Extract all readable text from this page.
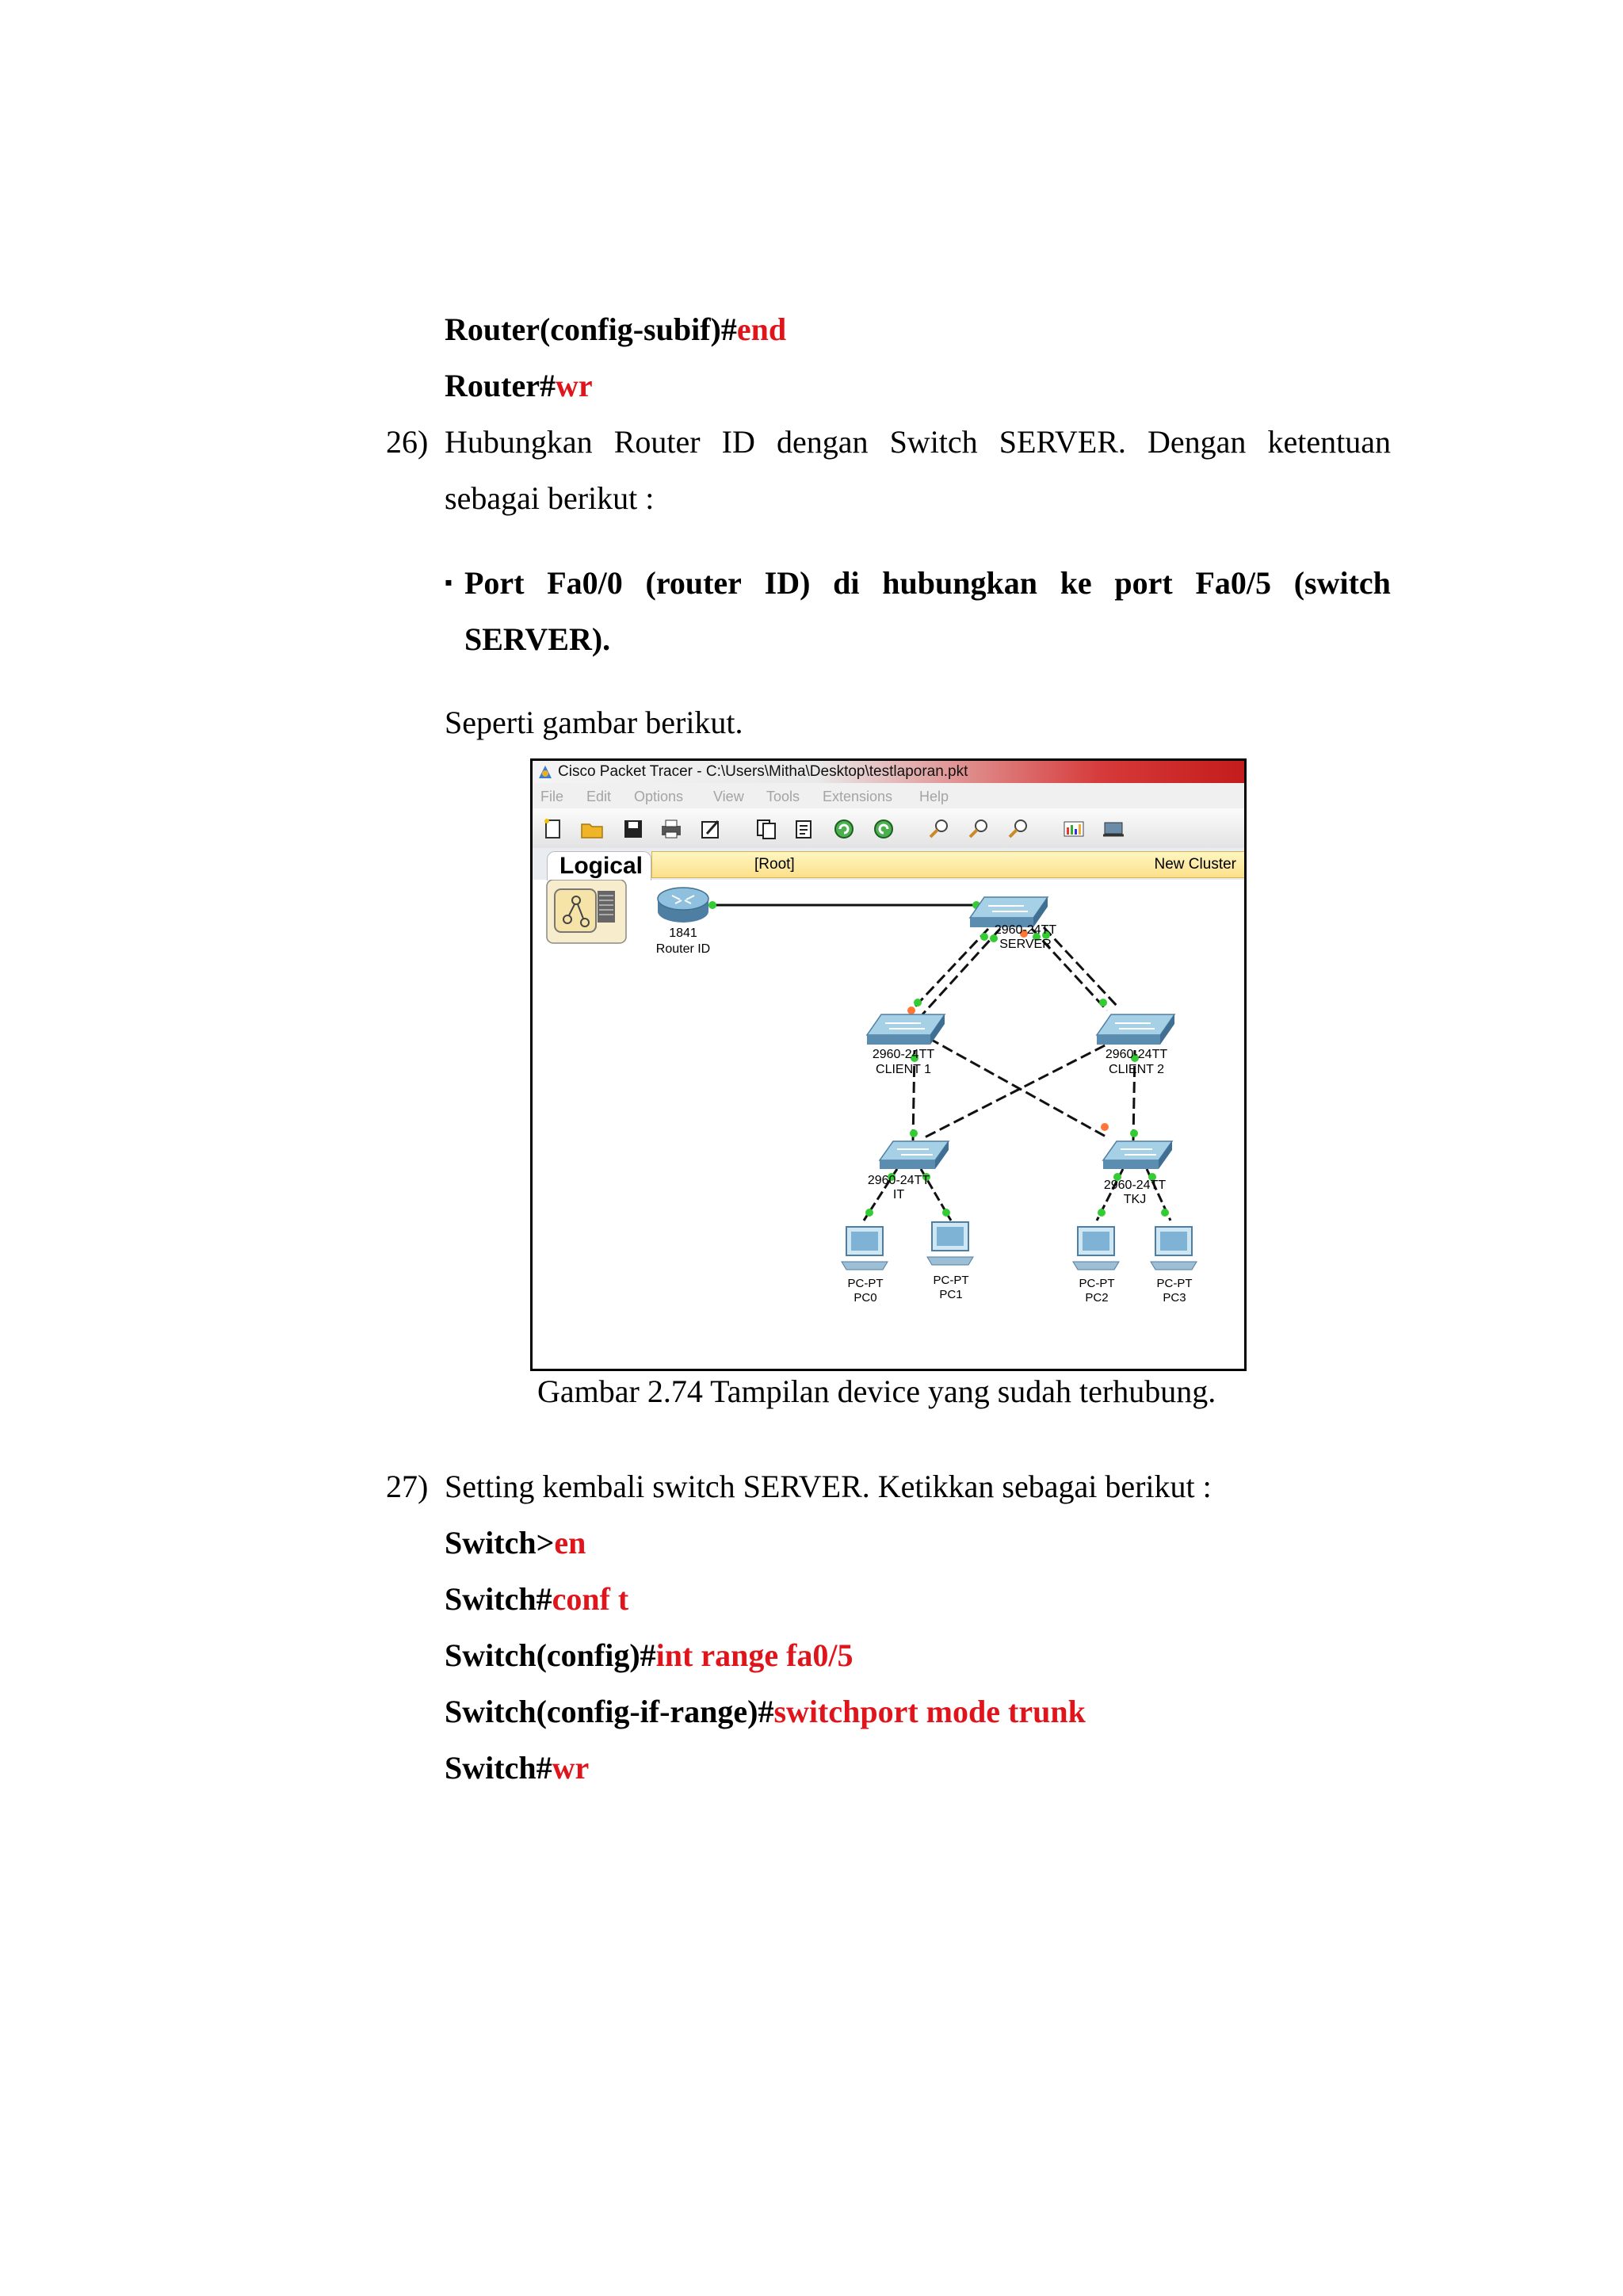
Router(config-subif)#end
Router#wr
26) Hubungkan Router ID dengan Switch SERVER. Dengan ketentuan
sebagai berikut :
▪ Port Fa0/0 (router ID) di hubungkan ke port Fa0/5 (switch
SERVER).
Seperti gambar berikut.
Cisco Packet Tracer - C:\Users\Mitha\Desktop\testlaporan.pkt
File Edit Options View Tools Extensions Help
Logical	[Root]	New Cluster
1841
Router ID
2960-24TT
SERVER
2960-24TT
CLIENT 1
2960-24TT
CLIENT 2
2960-24TT
IT
2960-24TT
TKJ
PC-PT
PC0
PC-PT
PC1
PC-PT
PC2
PC-PT
PC3
Gambar 2.74 Tampilan device yang sudah terhubung.
27) Setting kembali switch SERVER. Ketikkan sebagai berikut :
Switch>en
Switch#conf t
Switch(config)#int range fa0/5
Switch(config-if-range)#switchport mode trunk
Switch#wr
